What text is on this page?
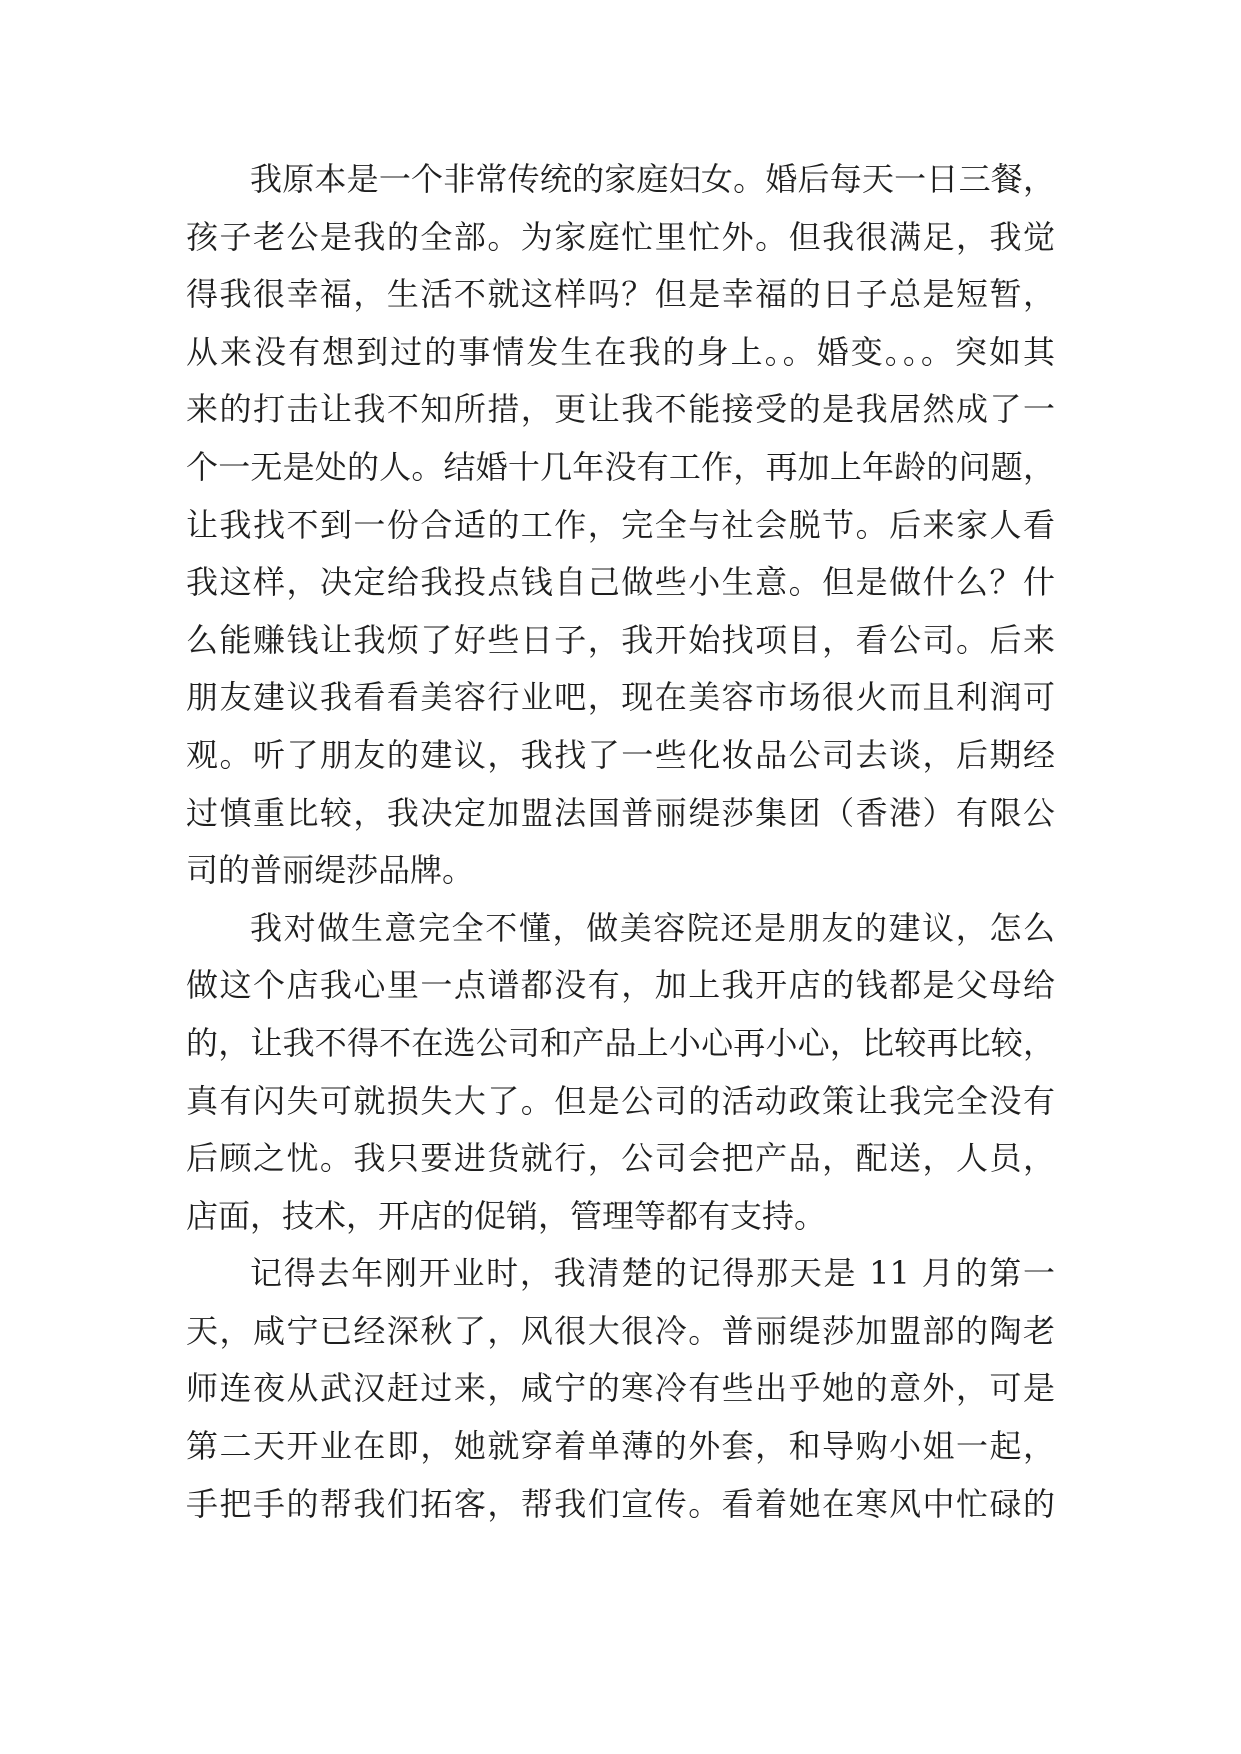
我原本是一个非常传统的家庭妇女。婚后每天一日三餐，
孩子老公是我的全部。为家庭忙里忙外。但我很满足，我觉
得我很幸福，生活不就这样吗？但是幸福的日子总是短暂，
从来没有想到过的事情发生在我的身上。。婚变。。。突如其
来的打击让我不知所措，更让我不能接受的是我居然成了一
个一无是处的人。结婚十几年没有工作，再加上年龄的问题，
让我找不到一份合适的工作，完全与社会脱节。后来家人看
我这样，决定给我投点钱自己做些小生意。但是做什么？什
么能赚钱让我烦了好些日子，我开始找项目，看公司。后来
朋友建议我看看美容行业吧，现在美容市场很火而且利润可
观。听了朋友的建议，我找了一些化妆品公司去谈，后期经
过慎重比较，我决定加盟法国普丽缇莎集团（香港）有限公
司的普丽缇莎品牌。
我对做生意完全不懂，做美容院还是朋友的建议，怎么
做这个店我心里一点谱都没有，加上我开店的钱都是父母给
的，让我不得不在选公司和产品上小心再小心，比较再比较，
真有闪失可就损失大了。但是公司的活动政策让我完全没有
后顾之忧。我只要进货就行，公司会把产品，配送，人员，
店面，技术，开店的促销，管理等都有支持。
记得去年刚开业时，我清楚的记得那天是 11 月的第一
天，咸宁已经深秋了，风很大很冷。普丽缇莎加盟部的陶老
师连夜从武汉赶过来，咸宁的寒冷有些出乎她的意外，可是
第二天开业在即，她就穿着单薄的外套，和导购小姐一起，
手把手的帮我们拓客，帮我们宣传。看着她在寒风中忙碌的
